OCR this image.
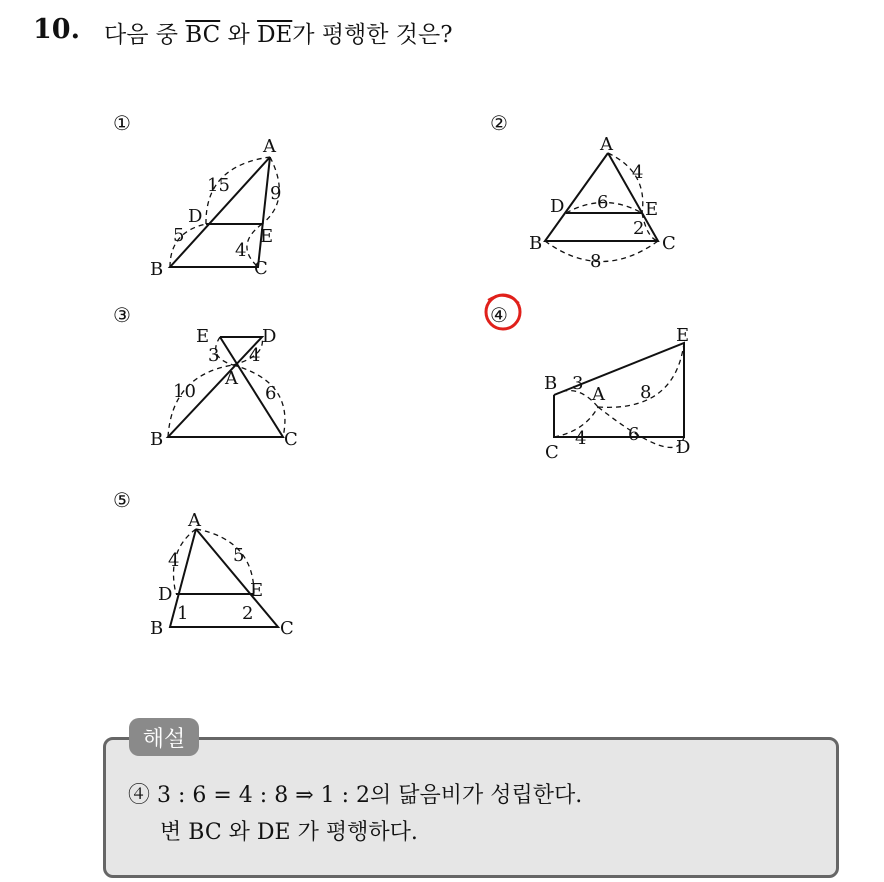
10. 다음 중 $\overline{BC}$ 와 $\overline{DE}$가 평행한 것은?
①	②
③	④
⑤
A
B	C
D
E
15
5
9
4
A
B	C
D	E
4
6
2
8
A
B	C
D
E
3 4
10	6	A
B
C	D
E
3	8
4 6
A
B	C
D	E
4	5
1	2
해설
④ 3 : 6 = 4 : 8 ⇒ 1 : 2의 닮음비가 성립한다.
변 BC 와 DE 가 평행하다.
